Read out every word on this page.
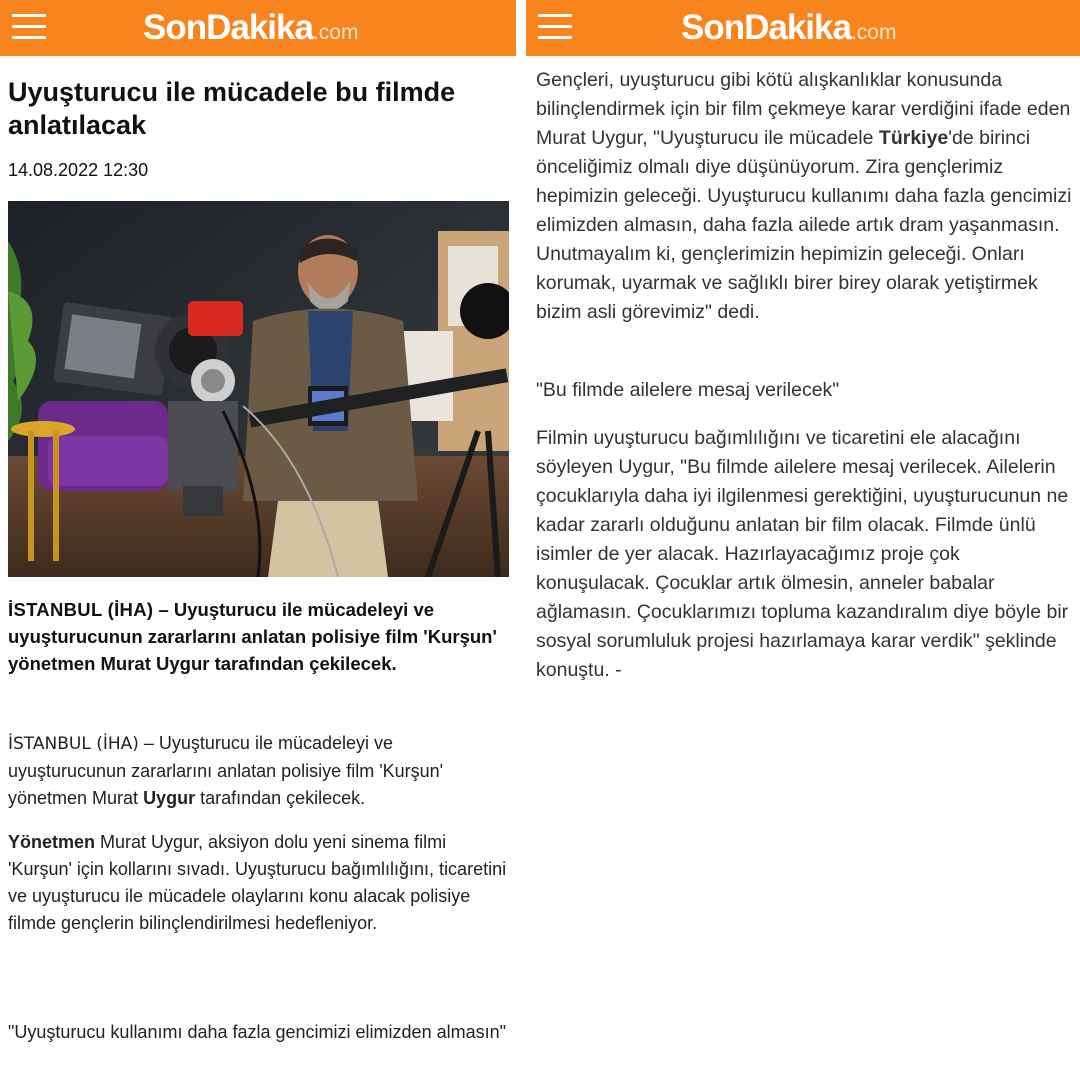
SonDakika.com
Uyuşturucu ile mücadele bu filmde anlatılacak
14.08.2022 12:30

İSTANBUL (İHA) – Uyuşturucu ile mücadeleyi ve uyuşturucunun zararlarını anlatan polisiye film 'Kurşun' yönetmen Murat Uygur tarafından çekilecek.

İSTANBUL (İHA) – Uyuşturucu ile mücadeleyi ve uyuşturucunun zararlarını anlatan polisiye film 'Kurşun' yönetmen Murat Uygur tarafından çekilecek.

Yönetmen Murat Uygur, aksiyon dolu yeni sinema filmi 'Kurşun' için kollarını sıvadı. Uyuşturucu bağımlılığını, ticaretini ve uyuşturucu ile mücadele olaylarını konu alacak polisiye filmde gençlerin bilinçlendirilmesi hedefleniyor.

"Uyuşturucu kullanımı daha fazla gencimizi elimizden almasın"

SonDakika.com

Gençleri, uyuşturucu gibi kötü alışkanlıklar konusunda bilinçlendirmek için bir film çekmeye karar verdiğini ifade eden Murat Uygur, "Uyuşturucu ile mücadele Türkiye'de birinci önceliğimiz olmalı diye düşünüyorum. Zira gençlerimiz hepimizin geleceği. Uyuşturucu kullanımı daha fazla gencimizi elimizden almasın, daha fazla ailede artık dram yaşanmasın. Unutmayalım ki, gençlerimizin hepimizin geleceği. Onları korumak, uyarmak ve sağlıklı birer birey olarak yetiştirmek bizim asli görevimiz" dedi.

"Bu filmde ailelere mesaj verilecek"

Filmin uyuşturucu bağımlılığını ve ticaretini ele alacağını söyleyen Uygur, "Bu filmde ailelere mesaj verilecek. Ailelerin çocuklarıyla daha iyi ilgilenmesi gerektiğini, uyuşturucunun ne kadar zararlı olduğunu anlatan bir film olacak. Filmde ünlü isimler de yer alacak. Hazırlayacağımız proje çok konuşulacak. Çocuklar artık ölmesin, anneler babalar ağlamasın. Çocuklarımızı topluma kazandıralım diye böyle bir sosyal sorumluluk projesi hazırlamaya karar verdik" şeklinde konuştu. -
